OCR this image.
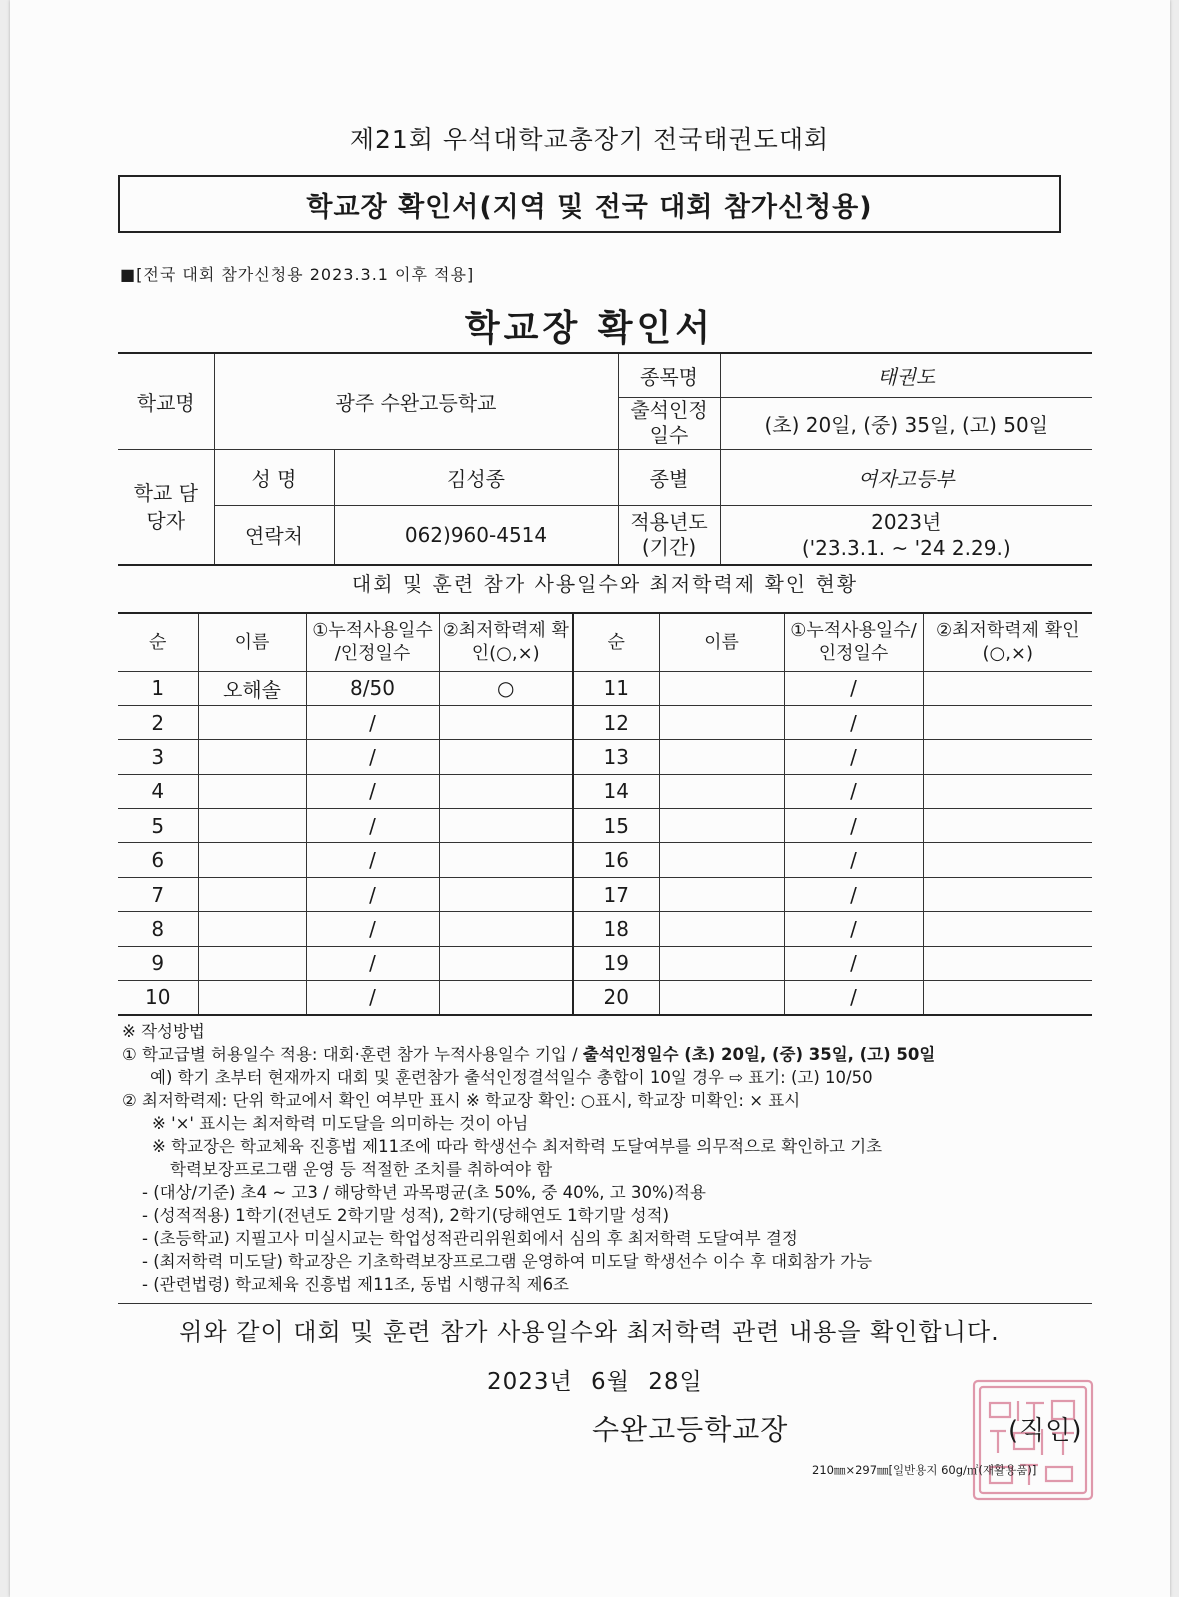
제21회 우석대학교총장기 전국태권도대회
학교장 확인서(지역 및 전국 대회 참가신청용)
■[전국 대회 참가신청용 2023.3.1 이후 적용]
학교장 확인서
학교명	광주 수완고등학교		종목명	태권도
			출석인정 일수	(초) 20일, (중) 35일, (고) 50일
학교 담당자	성 명	김성종	종별	여자고등부
	연락처	062)960-4514	적용년도 (기간)	2023년
('23.3.1. ~ '24 2.29.)
대회 및 훈련 참가 사용일수와 최저학력제 확인 현황
순	이름	①누적사용일수 /인정일수	②최저학력제 확인(○,×)	순	이름	①누적사용일수/ 인정일수	②최저학력제 확인(○,×)
1	오해솔	8/50	○	11		/	
2		/		12		/	
3		/		13		/	
4		/		14		/	
5		/		15		/	
6		/		16		/	
7		/		17		/	
8		/		18		/	
9		/		19		/	
10		/		20		/	
※ 작성방법
① 학교급별 허용일수 적용: 대회·훈련 참가 누적사용일수 기입 / 출석인정일수 (초) 20일, (중) 35일, (고) 50일
예) 학기 초부터 현재까지 대회 및 훈련참가 출석인정결석일수 총합이 10일 경우 ⇨ 표기: (고) 10/50
② 최저학력제: 단위 학교에서 확인 여부만 표시 ※ 학교장 확인: ○표시, 학교장 미확인: × 표시
※ '×' 표시는 최저학력 미도달을 의미하는 것이 아님
※ 학교장은 학교체육 진흥법 제11조에 따라 학생선수 최저학력 도달여부를 의무적으로 확인하고 기초
학력보장프로그램 운영 등 적절한 조치를 취하여야 함
- (대상/기준) 초4 ~ 고3 / 해당학년 과목평균(초 50%, 중 40%, 고 30%)적용
- (성적적용) 1학기(전년도 2학기말 성적), 2학기(당해연도 1학기말 성적)
- (초등학교) 지필고사 미실시교는 학업성적관리위원회에서 심의 후 최저학력 도달여부 결정
- (최저학력 미도달) 학교장은 기초학력보장프로그램 운영하여 미도달 학생선수 이수 후 대회참가 가능
- (관련법령) 학교체육 진흥법 제11조, 동법 시행규칙 제6조
위와 같이 대회 및 훈련 참가 사용일수와 최저학력 관련 내용을 확인합니다.
2023년 6월 28일
수완고등학교장	(직인)
210㎜×297㎜[일반용지 60g/㎡(재활용품)]
